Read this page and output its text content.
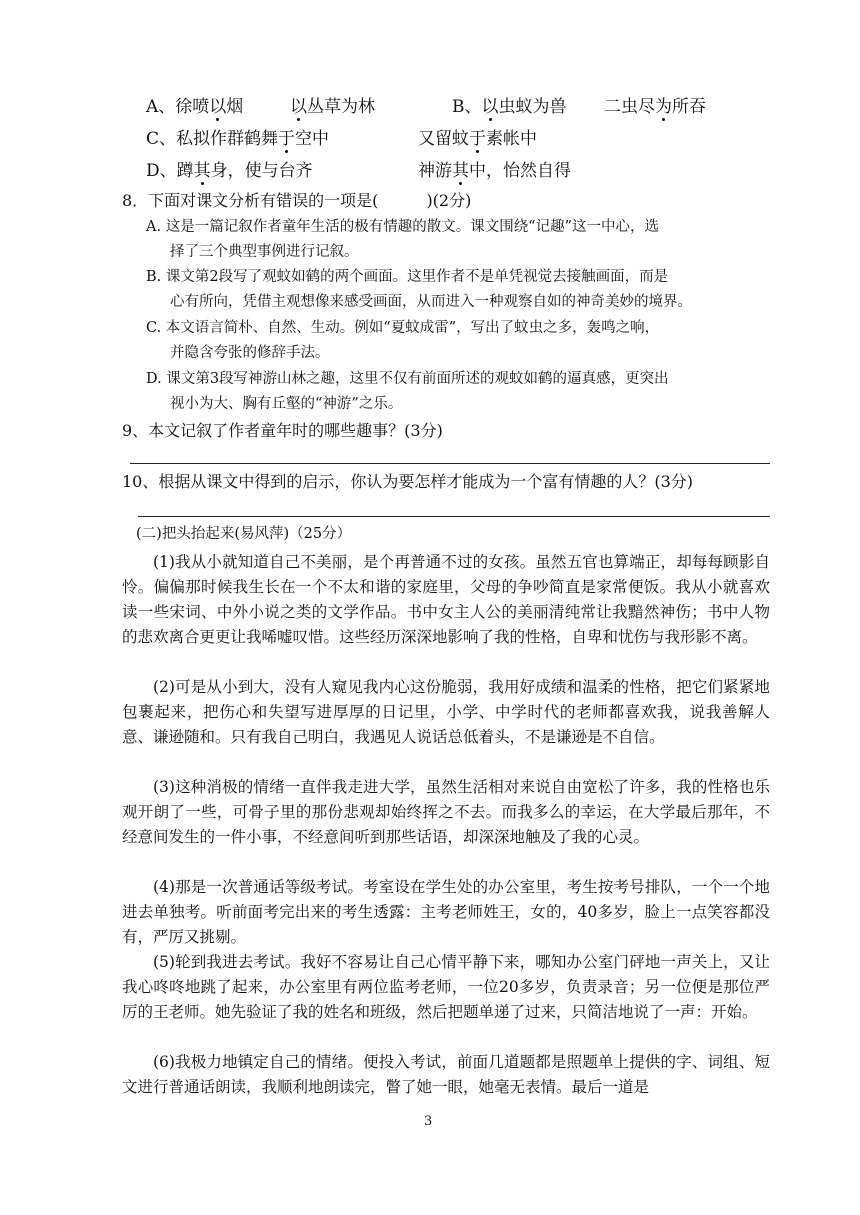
A、徐喷以烟	以丛草为林	B、以虫蚁为兽 二虫尽为所吞
C、私拟作群鹤舞于空中	又留蚊于素帐中
D、蹲其身，使与台齐	神游其中，怡然自得
8．下面对课文分析有错误的一项是(	)(2分)
A. 这是一篇记叙作者童年生活的极有情趣的散文。课文围绕“记趣”这一中心，选
择了三个典型事例进行记叙。
B. 课文第2段写了观蚊如鹤的两个画面。这里作者不是单凭视觉去接触画面，而是
心有所向，凭借主观想像来感受画面，从而进入一种观察自如的神奇美妙的境界。
C. 本文语言简朴、自然、生动。例如“夏蚊成雷”，写出了蚊虫之多，轰鸣之响，
并隐含夸张的修辞手法。
D. 课文第3段写神游山林之趣，这里不仅有前面所述的观蚊如鹤的逼真感，更突出
视小为大、胸有丘壑的“神游”之乐。
9、本文记叙了作者童年时的哪些趣事？(3分)
10、根据从课文中得到的启示，你认为要怎样才能成为一个富有情趣的人？(3分)
(二)把头抬起来(易风萍)（25分）

(1)我从小就知道自己不美丽，是个再普通不过的女孩。虽然五官也算端正，却每每顾影自怜。偏偏那时候我生长在一个不太和谐的家庭里，父母的争吵简直是家常便饭。我从小就喜欢读一些宋词、中外小说之类的文学作品。书中女主人公的美丽清纯常让我黯然神伤；书中人物的悲欢离合更更让我唏嘘叹惜。这些经历深深地影响了我的性格，自卑和忧伤与我形影不离。

(2)可是从小到大，没有人窥见我内心这份脆弱，我用好成绩和温柔的性格，把它们紧紧地包裹起来，把伤心和失望写进厚厚的日记里，小学、中学时代的老师都喜欢我，说我善解人意、谦逊随和。只有我自己明白，我遇见人说话总低着头，不是谦逊是不自信。

(3)这种消极的情绪一直伴我走进大学，虽然生活相对来说自由宽松了许多，我的性格也乐观开朗了一些，可骨子里的那份悲观却始终挥之不去。而我多么的幸运，在大学最后那年，不经意间发生的一件小事，不经意间听到那些话语，却深深地触及了我的心灵。

(4)那是一次普通话等级考试。考室设在学生处的办公室里，考生按考号排队，一个一个地进去单独考。听前面考完出来的考生透露：主考老师姓王，女的，40多岁，脸上一点笑容都没有，严厉又挑剔。

(5)轮到我进去考试。我好不容易让自己心情平静下来，哪知办公室门砰地一声关上，又让我心咚咚地跳了起来，办公室里有两位监考老师，一位20多岁，负责录音；另一位便是那位严厉的王老师。她先验证了我的姓名和班级，然后把题单递了过来，只简洁地说了一声：开始。

(6)我极力地镇定自己的情绪。便投入考试，前面几道题都是照题单上提供的字、词组、短文进行普通话朗读，我顺利地朗读完，瞥了她一眼，她毫无表情。最后一道是

3
